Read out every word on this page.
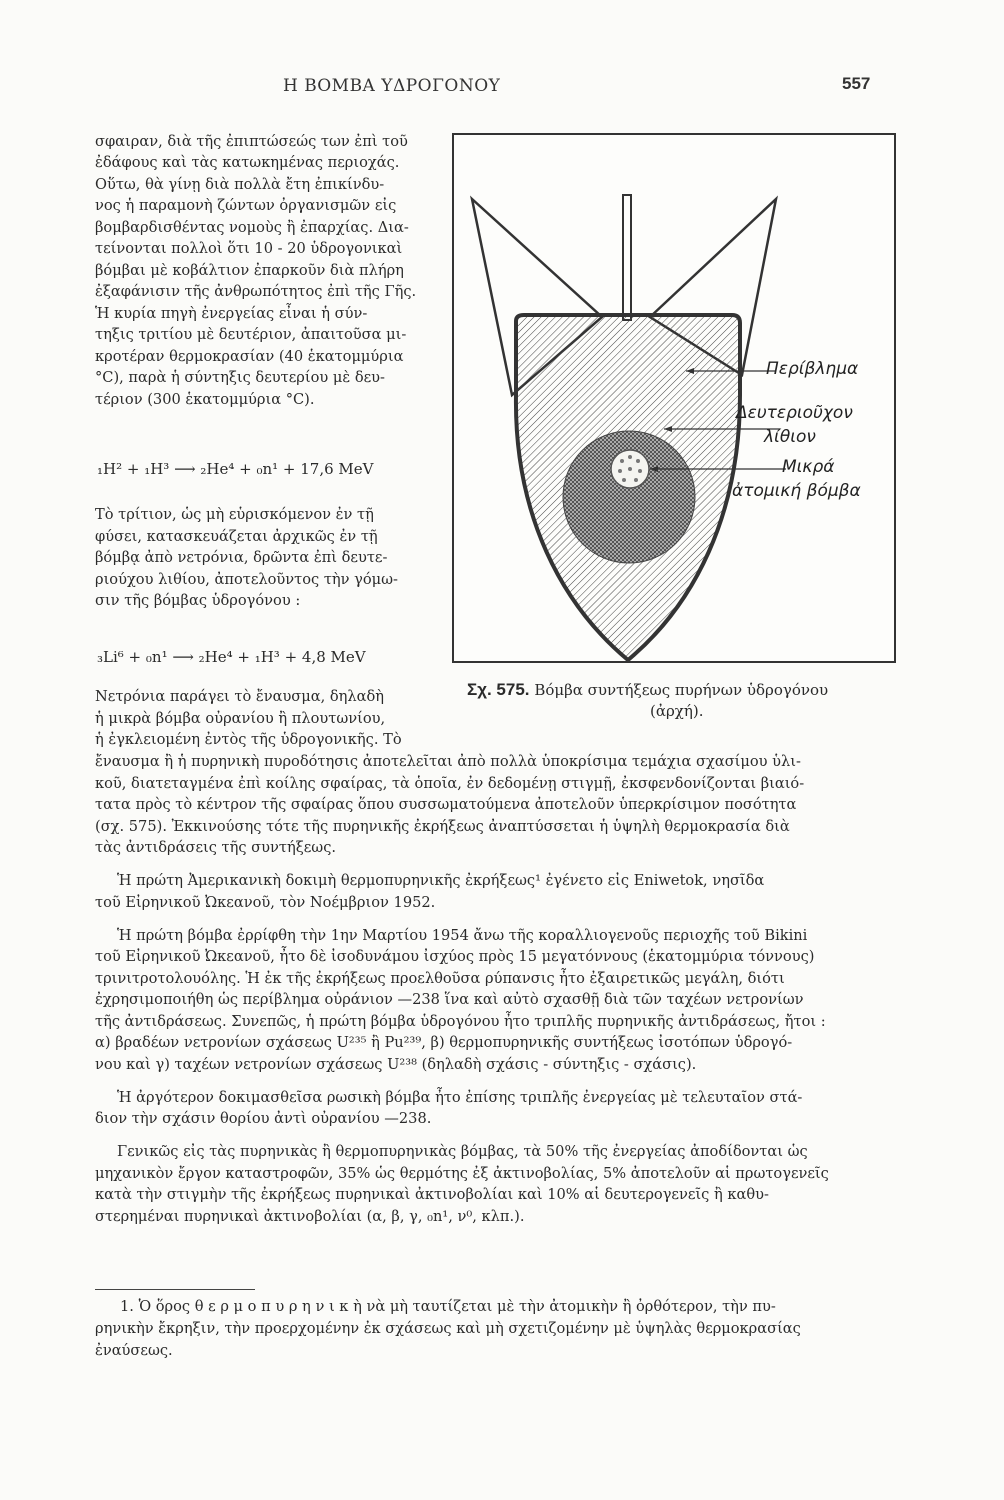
Η ΒΟΜΒΑ ΥΔΡΟΓΟΝΟΥ	557
σφαιραν, διὰ τῆς ἐπιπτώσεώς των ἐπὶ τοῦ
ἐδάφους καὶ τὰς κατωκημένας περιοχάς.
Οὕτω, θὰ γίνῃ διὰ πολλὰ ἔτη ἐπικίνδυ-
νος ἡ παραμονὴ ζώντων ὀργανισμῶν εἰς
βομβαρδισθέντας νομοὺς ἢ ἐπαρχίας. Δια-
τείνονται πολλοὶ ὅτι 10 - 20 ὑδρογονικαὶ
βόμβαι μὲ κοβάλτιον ἐπαρκοῦν διὰ πλήρη
ἐξαφάνισιν τῆς ἀνθρωπότητος ἐπὶ τῆς Γῆς.
Ἡ κυρία πηγὴ ἐνεργείας εἶναι ἡ σύν-
τηξις τριτίου μὲ δευτέριον, ἀπαιτοῦσα μι-
κροτέραν θερμοκρασίαν (40 ἑκατομμύρια
°C), παρὰ ἡ σύντηξις δευτερίου μὲ δευ-
τέριον (300 ἑκατομμύρια °C).
₁H² + ₁H³ ⟶ ₂He⁴ + ₀n¹ + 17,6 MeV
Τὸ τρίτιον, ὡς μὴ εὑρισκόμενον ἐν τῇ
φύσει, κατασκευάζεται ἀρχικῶς ἐν τῇ
βόμβᾳ ἀπὸ νετρόνια, δρῶντα ἐπὶ δευτε-
ριούχου λιθίου, ἀποτελοῦντος τὴν γόμω-
σιν τῆς βόμβας ὑδρογόνου :
₃Li⁶ + ₀n¹ ⟶ ₂He⁴ + ₁H³ + 4,8 MeV
Νετρόνια παράγει τὸ ἔναυσμα, δηλαδὴ
ἡ μικρὰ βόμβα οὐρανίου ἢ πλουτωνίου,
ἡ ἐγκλειομένη ἐντὸς τῆς ὑδρογονικῆς. Τὸ
Περίβλημα
Δευτεριοῦχον
λίθιον
Μικρά
ἀτομική βόμβα
Σχ. 575. Βόμβα συντήξεως πυρήνων ὑδρογόνου
(ἀρχή).
ἔναυσμα ἢ ἡ πυρηνικὴ πυροδότησις ἀποτελεῖται ἀπὸ πολλὰ ὑποκρίσιμα τεμάχια σχασίμου ὑλι-
κοῦ, διατεταγμένα ἐπὶ κοίλης σφαίρας, τὰ ὁποῖα, ἐν δεδομένῃ στιγμῇ, ἐκσφενδονίζονται βιαιό-
τατα πρὸς τὸ κέντρον τῆς σφαίρας ὅπου συσσωματούμενα ἀποτελοῦν ὑπερκρίσιμον ποσότητα
(σχ. 575). Ἐκκινούσης τότε τῆς πυρηνικῆς ἐκρήξεως ἀναπτύσσεται ἡ ὑψηλὴ θερμοκρασία διὰ
τὰς ἀντιδράσεις τῆς συντήξεως.
Ἡ πρώτη Ἀμερικανικὴ δοκιμὴ θερμοπυρηνικῆς ἐκρήξεως¹ ἐγένετο εἰς Eniwetok, νησῖδα
τοῦ Εἰρηνικοῦ Ὠκεανοῦ, τὸν Νοέμβριον 1952.
Ἡ πρώτη βόμβα ἐρρίφθη τὴν 1ην Μαρτίου 1954 ἄνω τῆς κοραλλιογενοῦς περιοχῆς τοῦ Bikini
τοῦ Εἰρηνικοῦ Ὠκεανοῦ, ἦτο δὲ ἰσοδυνάμου ἰσχύος πρὸς 15 μεγατόννους (ἑκατομμύρια τόννους)
τρινιτροτολουόλης. Ἡ ἐκ τῆς ἐκρήξεως προελθοῦσα ρύπανσις ἦτο ἐξαιρετικῶς μεγάλη, διότι
ἐχρησιμοποιήθη ὡς περίβλημα οὐράνιον —238 ἵνα καὶ αὐτὸ σχασθῇ διὰ τῶν ταχέων νετρονίων
τῆς ἀντιδράσεως. Συνεπῶς, ἡ πρώτη βόμβα ὑδρογόνου ἦτο τριπλῆς πυρηνικῆς ἀντιδράσεως, ἤτοι :
α) βραδέων νετρονίων σχάσεως U²³⁵ ἢ Pu²³⁹, β) θερμοπυρηνικῆς συντήξεως ἰσοτόπων ὑδρογό-
νου καὶ γ) ταχέων νετρονίων σχάσεως U²³⁸ (δηλαδὴ σχάσις - σύντηξις - σχάσις).
Ἡ ἀργότερον δοκιμασθεῖσα ρωσικὴ βόμβα ἦτο ἐπίσης τριπλῆς ἐνεργείας μὲ τελευταῖον στά-
διον τὴν σχάσιν θορίου ἀντὶ οὐρανίου —238.
Γενικῶς εἰς τὰς πυρηνικὰς ἢ θερμοπυρηνικὰς βόμβας, τὰ 50% τῆς ἐνεργείας ἀποδίδονται ὡς
μηχανικὸν ἔργον καταστροφῶν, 35% ὡς θερμότης ἐξ ἀκτινοβολίας, 5% ἀποτελοῦν αἱ πρωτογενεῖς
κατὰ τὴν στιγμὴν τῆς ἐκρήξεως πυρηνικαὶ ἀκτινοβολίαι καὶ 10% αἱ δευτερογενεῖς ἢ καθυ-
στερημέναι πυρηνικαὶ ἀκτινοβολίαι (α, β, γ, ₀n¹, ν⁰, κλπ.).
1. Ὁ ὅρος θ ε ρ μ ο π υ ρ η ν ι κ ὴ νὰ μὴ ταυτίζεται μὲ τὴν ἀτομικὴν ἢ ὀρθότερον, τὴν πυ-
ρηνικὴν ἔκρηξιν, τὴν προερχομένην ἐκ σχάσεως καὶ μὴ σχετιζομένην μὲ ὑψηλὰς θερμοκρασίας
ἐναύσεως.
